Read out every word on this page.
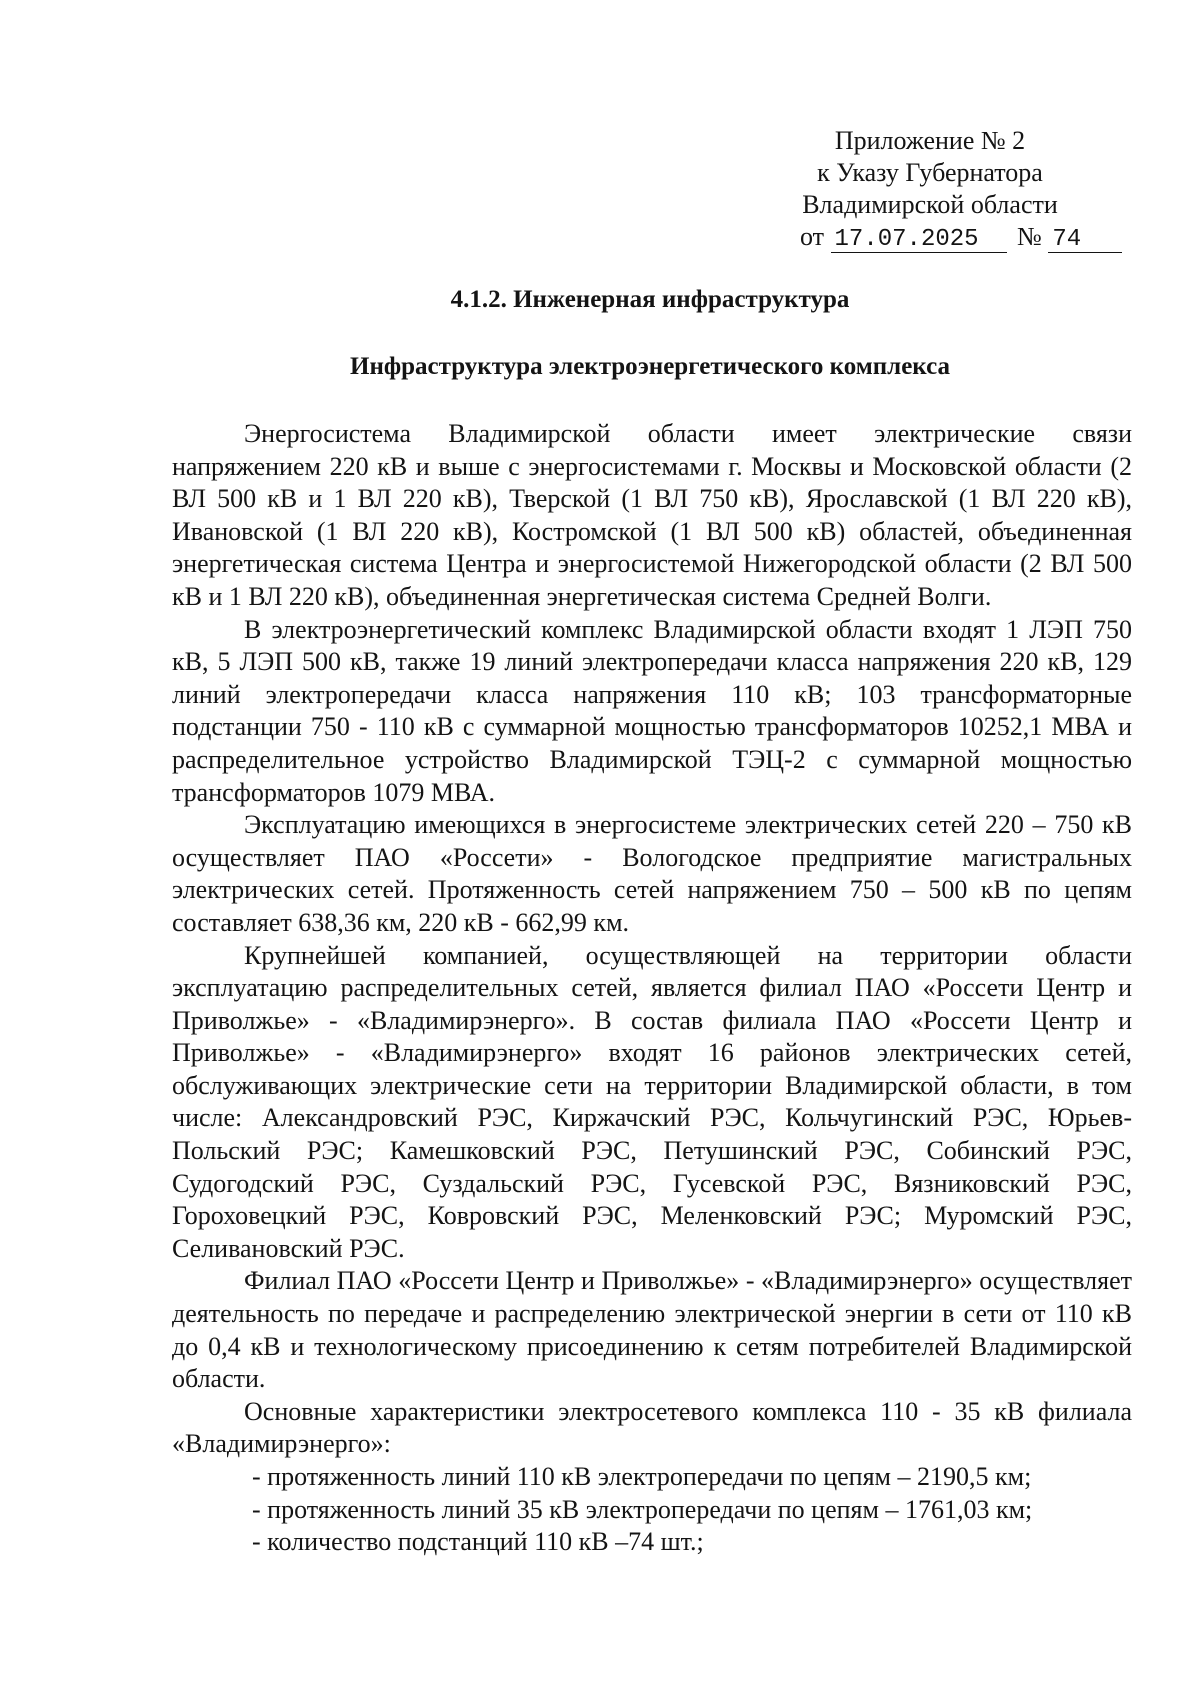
Приложение № 2
к Указу Губернатора
Владимирской области
от 17.07.2025 № 74
4.1.2. Инженерная инфраструктура
Инфраструктура электроэнергетического комплекса

Энергосистема Владимирской области имеет электрические связи напряжением 220 кВ и выше с энергосистемами г. Москвы и Московской области (2 ВЛ 500 кВ и 1 ВЛ 220 кВ), Тверской (1 ВЛ 750 кВ), Ярославской (1 ВЛ 220 кВ), Ивановской (1 ВЛ 220 кВ), Костромской (1 ВЛ 500 кВ) областей, объединенная энергетическая система Центра и энергосистемой Нижегородской области (2 ВЛ 500 кВ и 1 ВЛ 220 кВ), объединенная энергетическая система Средней Волги.

В электроэнергетический комплекс Владимирской области входят 1 ЛЭП 750 кВ, 5 ЛЭП 500 кВ, также 19 линий электропередачи класса напряжения 220 кВ, 129 линий электропередачи класса напряжения 110 кВ; 103 трансформаторные подстанции 750 - 110 кВ с суммарной мощностью трансформаторов 10252,1 МВА и распределительное устройство Владимирской ТЭЦ-2 с суммарной мощностью трансформаторов 1079 МВА.

Эксплуатацию имеющихся в энергосистеме электрических сетей 220 – 750 кВ осуществляет ПАО «Россети» - Вологодское предприятие магистральных электрических сетей. Протяженность сетей напряжением 750 – 500 кВ по цепям составляет 638,36 км, 220 кВ - 662,99 км.

Крупнейшей компанией, осуществляющей на территории области эксплуатацию распределительных сетей, является филиал ПАО «Россети Центр и Приволжье» - «Владимирэнерго». В состав филиала ПАО «Россети Центр и Приволжье» - «Владимирэнерго» входят 16 районов электрических сетей, обслуживающих электрические сети на территории Владимирской области, в том числе: Александровский РЭС, Киржачский РЭС, Кольчугинский РЭС, Юрьев-Польский РЭС; Камешковский РЭС, Петушинский РЭС, Собинский РЭС, Судогодский РЭС, Суздальский РЭС, Гусевской РЭС, Вязниковский РЭС, Гороховецкий РЭС, Ковровский РЭС, Меленковский РЭС; Муромский РЭС, Селивановский РЭС.

Филиал ПАО «Россети Центр и Приволжье» - «Владимирэнерго» осуществляет деятельность по передаче и распределению электрической энергии в сети от 110 кВ до 0,4 кВ и технологическому присоединению к сетям потребителей Владимирской области.

Основные характеристики электросетевого комплекса 110 - 35 кВ филиала «Владимирэнерго»:

- протяженность линий 110 кВ электропередачи по цепям – 2190,5 км;
- протяженность линий 35 кВ электропередачи по цепям – 1761,03 км;
- количество подстанций 110 кВ –74 шт.;
